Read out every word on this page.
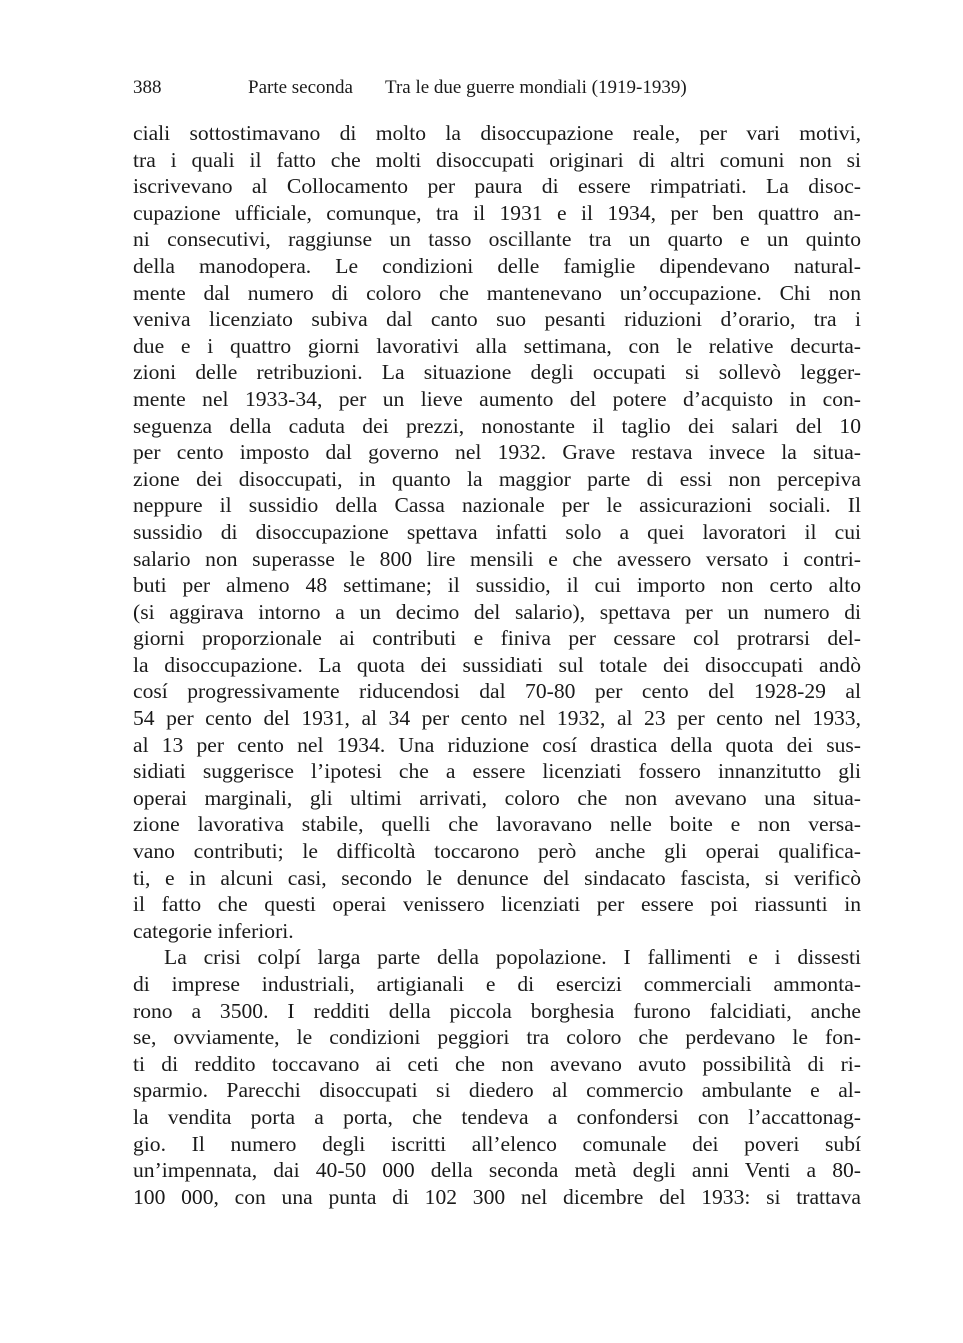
388	Parte seconda Tra le due guerre mondiali (1919-1939)
ciali sottostimavano di molto la disoccupazione reale, per vari motivi,
tra i quali il fatto che molti disoccupati originari di altri comuni non si
iscrivevano al Collocamento per paura di essere rimpatriati. La disoc-
cupazione ufficiale, comunque, tra il 1931 e il 1934, per ben quattro an-
ni consecutivi, raggiunse un tasso oscillante tra un quarto e un quinto
della manodopera. Le condizioni delle famiglie dipendevano natural-
mente dal numero di coloro che mantenevano un’occupazione. Chi non
veniva licenziato subiva dal canto suo pesanti riduzioni d’orario, tra i
due e i quattro giorni lavorativi alla settimana, con le relative decurta-
zioni delle retribuzioni. La situazione degli occupati si sollevò legger-
mente nel 1933-34, per un lieve aumento del potere d’acquisto in con-
seguenza della caduta dei prezzi, nonostante il taglio dei salari del 10
per cento imposto dal governo nel 1932. Grave restava invece la situa-
zione dei disoccupati, in quanto la maggior parte di essi non percepiva
neppure il sussidio della Cassa nazionale per le assicurazioni sociali. Il
sussidio di disoccupazione spettava infatti solo a quei lavoratori il cui
salario non superasse le 800 lire mensili e che avessero versato i contri-
buti per almeno 48 settimane; il sussidio, il cui importo non certo alto
(si aggirava intorno a un decimo del salario), spettava per un numero di
giorni proporzionale ai contributi e finiva per cessare col protrarsi del-
la disoccupazione. La quota dei sussidiati sul totale dei disoccupati andò
cosí progressivamente riducendosi dal 70-80 per cento del 1928-29 al
54 per cento del 1931, al 34 per cento nel 1932, al 23 per cento nel 1933,
al 13 per cento nel 1934. Una riduzione cosí drastica della quota dei sus-
sidiati suggerisce l’ipotesi che a essere licenziati fossero innanzitutto gli
operai marginali, gli ultimi arrivati, coloro che non avevano una situa-
zione lavorativa stabile, quelli che lavoravano nelle boite e non versa-
vano contributi; le difficoltà toccarono però anche gli operai qualifica-
ti, e in alcuni casi, secondo le denunce del sindacato fascista, si verificò
il fatto che questi operai venissero licenziati per essere poi riassunti in
categorie inferiori.
La crisi colpí larga parte della popolazione. I fallimenti e i dissesti
di imprese industriali, artigianali e di esercizi commerciali ammonta-
rono a 3500. I redditi della piccola borghesia furono falcidiati, anche
se, ovviamente, le condizioni peggiori tra coloro che perdevano le fon-
ti di reddito toccavano ai ceti che non avevano avuto possibilità di ri-
sparmio. Parecchi disoccupati si diedero al commercio ambulante e al-
la vendita porta a porta, che tendeva a confondersi con l’accattonag-
gio. Il numero degli iscritti all’elenco comunale dei poveri subí
un’impennata, dai 40-50 000 della seconda metà degli anni Venti a 80-
100 000, con una punta di 102 300 nel dicembre del 1933: si trattava
